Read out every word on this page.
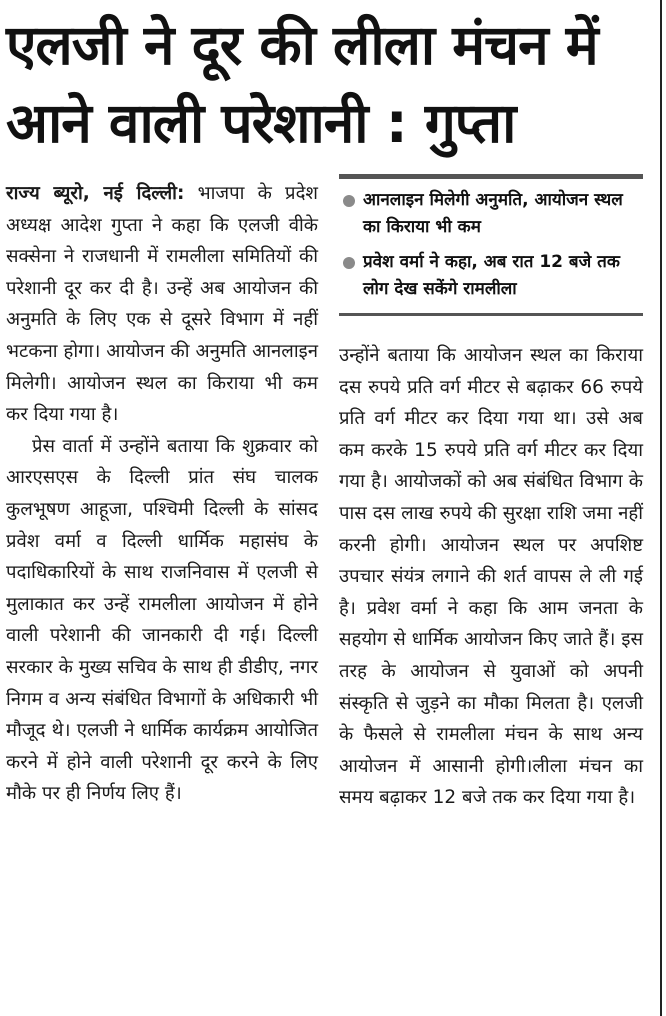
एलजी ने दूर की लीला मंचन में
आने वाली परेशानी : गुप्ता

राज्य ब्यूरो, नई दिल्ली: भाजपा के प्रदेश अध्यक्ष आदेश गुप्ता ने कहा कि एलजी वीके सक्सेना ने राजधानी में रामलीला समितियों की परेशानी दूर कर दी है। उन्हें अब आयोजन की अनुमति के लिए एक से दूसरे विभाग में नहीं भटकना होगा। आयोजन की अनुमति आनलाइन मिलेगी। आयोजन स्थल का किराया भी कम कर दिया गया है।

प्रेस वार्ता में उन्होंने बताया कि शुक्रवार को आरएसएस के दिल्ली प्रांत संघ चालक कुलभूषण आहूजा, पश्चिमी दिल्ली के सांसद प्रवेश वर्मा व दिल्ली धार्मिक महासंघ के पदाधिकारियों के साथ राजनिवास में एलजी से मुलाकात कर उन्हें रामलीला आयोजन में होने वाली परेशानी की जानकारी दी गई। दिल्ली सरकार के मुख्य सचिव के साथ ही डीडीए, नगर निगम व अन्य संबंधित विभागों के अधिकारी भी मौजूद थे। एलजी ने धार्मिक कार्यक्रम आयोजित करने में होने वाली परेशानी दूर करने के लिए मौके पर ही निर्णय लिए हैं।

आनलाइन मिलेगी अनुमति, आयोजन स्थल का किराया भी कम
प्रवेश वर्मा ने कहा, अब रात 12 बजे तक लोग देख सकेंगे रामलीला

उन्होंने बताया कि आयोजन स्थल का किराया दस रुपये प्रति वर्ग मीटर से बढ़ाकर 66 रुपये प्रति वर्ग मीटर कर दिया गया था। उसे अब कम करके 15 रुपये प्रति वर्ग मीटर कर दिया गया है। आयोजकों को अब संबंधित विभाग के पास दस लाख रुपये की सुरक्षा राशि जमा नहीं करनी होगी। आयोजन स्थल पर अपशिष्ट उपचार संयंत्र लगाने की शर्त वापस ले ली गई है। प्रवेश वर्मा ने कहा कि आम जनता के सहयोग से धार्मिक आयोजन किए जाते हैं। इस तरह के आयोजन से युवाओं को अपनी संस्कृति से जुड़ने का मौका मिलता है। एलजी के फैसले से रामलीला मंचन के साथ अन्य आयोजन में आसानी होगी।लीला मंचन का समय बढ़ाकर 12 बजे तक कर दिया गया है।
